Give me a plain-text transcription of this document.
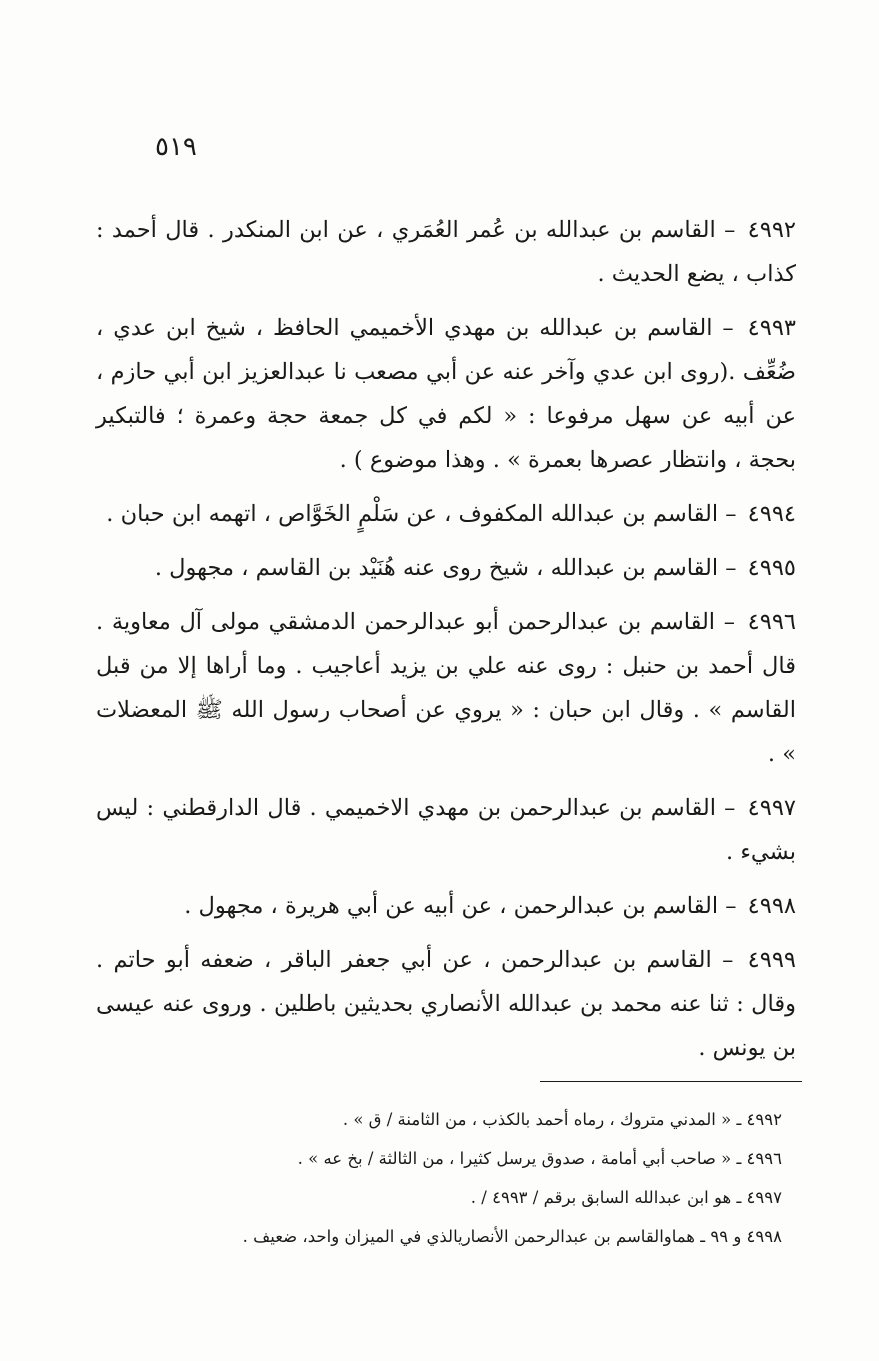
٥١٩

٤٩٩٢ – القاسم بن عبدالله بن عُمر العُمَري ، عن ابن المنكدر . قال أحمد : كذاب ، يضع الحديث .

٤٩٩٣ – القاسم بن عبدالله بن مهدي الأخميمي الحافظ ، شيخ ابن عدي ، ضُعِّف .(روى ابن عدي وآخر عنه عن أبي مصعب نا عبدالعزيز ابن أبي حازم ، عن أبيه عن سهل مرفوعا : « لكم في كل جمعة حجة وعمرة ؛ فالتبكير بحجة ، وانتظار عصرها بعمرة » . وهذا موضوع ) .

٤٩٩٤ – القاسم بن عبدالله المكفوف ، عن سَلْمٍ الخَوَّاص ، اتهمه ابن حبان .

٤٩٩٥ – القاسم بن عبدالله ، شيخ روى عنه هُنَيْد بن القاسم ، مجهول .

٤٩٩٦ – القاسم بن عبدالرحمن أبو عبدالرحمن الدمشقي مولى آل معاوية . قال أحمد بن حنبل : روى عنه علي بن يزيد أعاجيب . وما أراها إلا من قبل القاسم » . وقال ابن حبان : « يروي عن أصحاب رسول الله ﷺ المعضلات » .

٤٩٩٧ – القاسم بن عبدالرحمن بن مهدي الاخميمي . قال الدارقطني : ليس بشيء .

٤٩٩٨ – القاسم بن عبدالرحمن ، عن أبيه عن أبي هريرة ، مجهول .

٤٩٩٩ – القاسم بن عبدالرحمن ، عن أبي جعفر الباقر ، ضعفه أبو حاتم . وقال : ثنا عنه محمد بن عبدالله الأنصاري بحديثين باطلين . وروى عنه عيسى بن يونس .

٤٩٩٢ ـ « المدني متروك ، رماه أحمد بالكذب ، من الثامنة / ق » .

٤٩٩٦ ـ « صاحب أبي أمامة ، صدوق يرسل كثيرا ، من الثالثة / بخ عه » .

٤٩٩٧ ـ هو ابن عبدالله السابق برقم / ٤٩٩٣ / .

٤٩٩٨ و ٩٩ ـ هماوالقاسم بن عبدالرحمن الأنصاريالذي في الميزان واحد، ضعيف .
